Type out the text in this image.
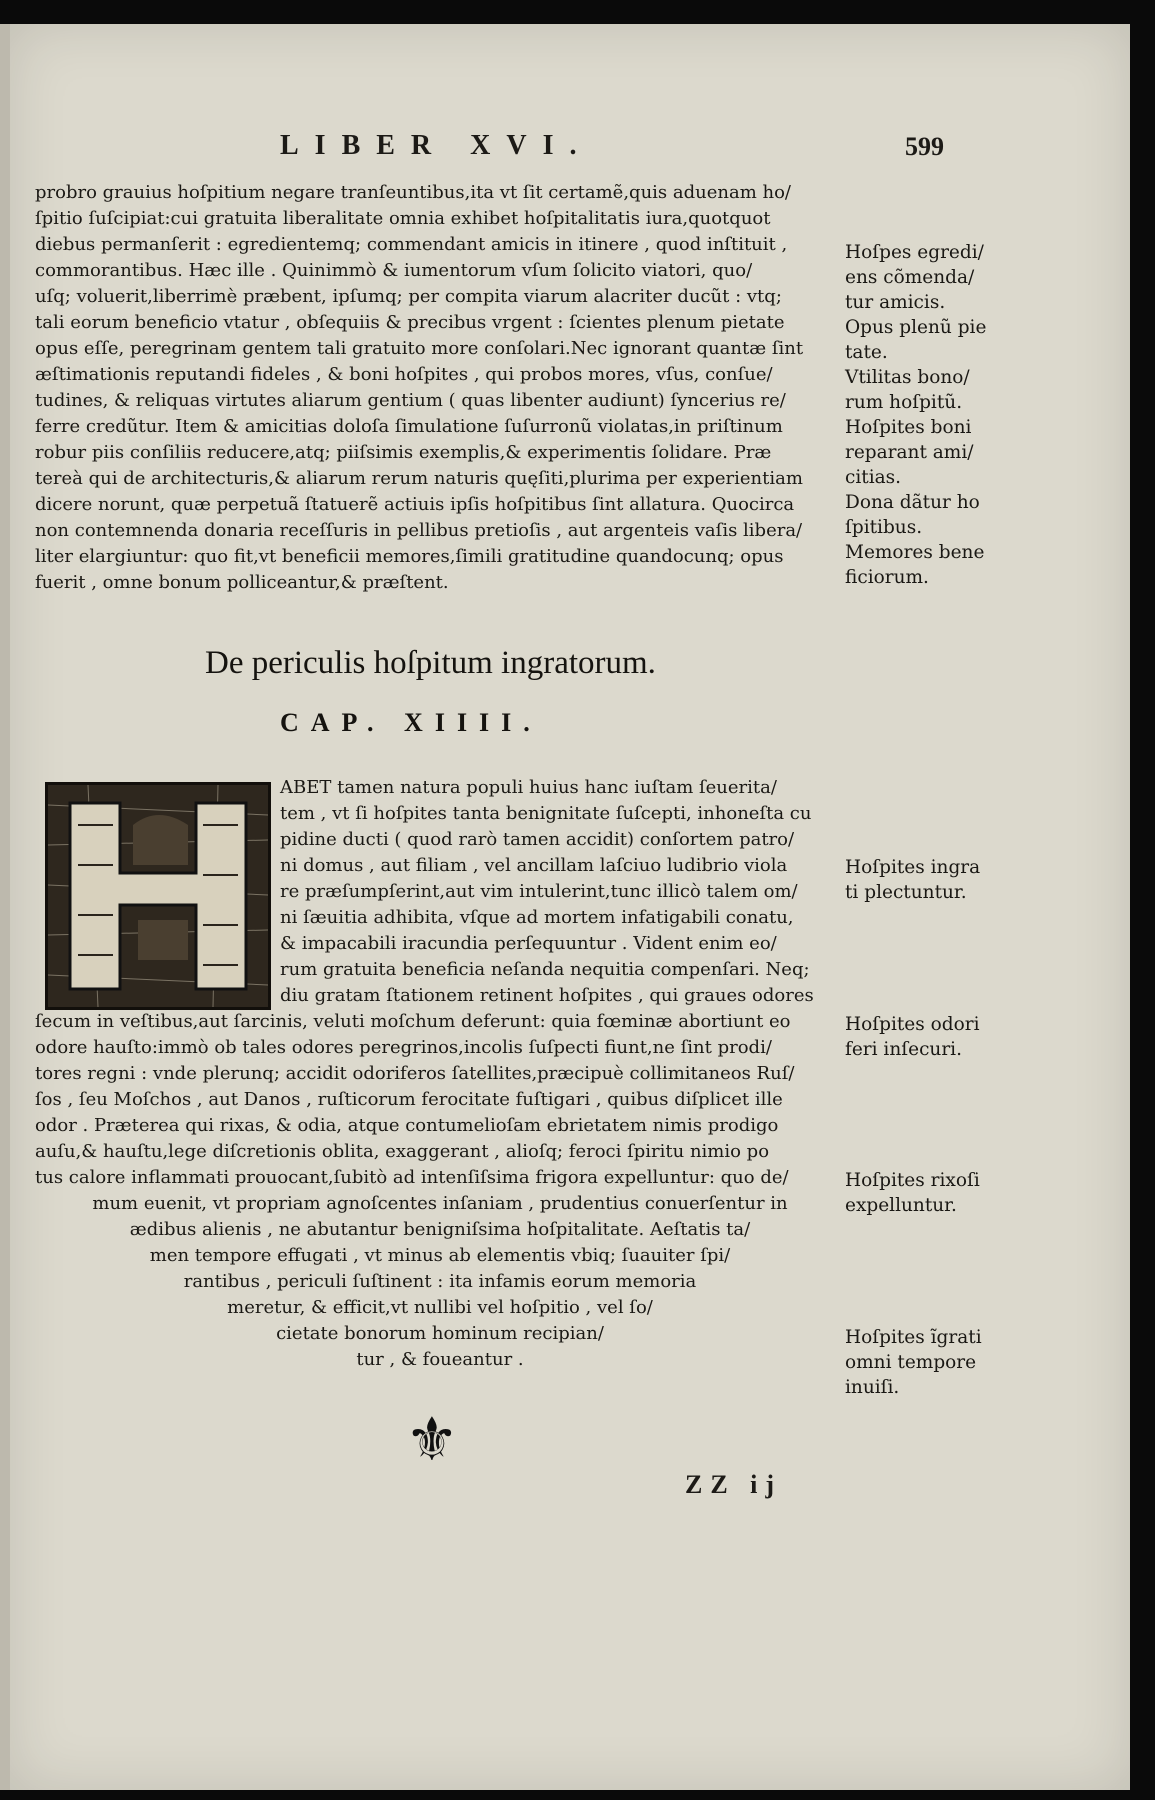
LIBER XVI.	599

probro grauius hoſpitium negare tranſeuntibus,ita vt ſit certamẽ,quis aduenam ho/

ſpitio ſuſcipiat:cui gratuita liberalitate omnia exhibet hoſpitalitatis iura,quotquot

diebus permanſerit : egredientemq; commendant amicis in itinere , quod inſtituit ,

commorantibus. Hæc ille . Quinimmò & iumentorum vſum ſolicito viatori, quo/

uſq; voluerit,liberrimè præbent, ipſumq; per compita viarum alacriter ducũt : vtq;

tali eorum beneficio vtatur , obſequiis & precibus vrgent : ſcientes plenum pietate

opus eſſe, peregrinam gentem tali gratuito more conſolari.Nec ignorant quantæ ſint

æſtimationis reputandi fideles , & boni hoſpites , qui probos mores, vſus, conſue/

tudines, & reliquas virtutes aliarum gentium ( quas libenter audiunt) ſyncerius re/

ferre credũtur. Item & amicitias doloſa ſimulatione ſuſurronũ violatas,in priſtinum

robur piis conſiliis reducere,atq; piiſsimis exemplis,& experimentis ſolidare. Præ

tereà qui de architecturis,& aliarum rerum naturis quęſiti,plurima per experientiam

dicere norunt, quæ perpetuã ſtatuerẽ actiuis ipſis hoſpitibus ſint allatura. Quocirca

non contemnenda donaria receſſuris in pellibus pretioſis , aut argenteis vaſis libera/

liter elargiuntur: quo fit,vt beneficii memores,ſimili gratitudine quandocunq; opus

fuerit , omne bonum polliceantur,& præſtent.

Hoſpes egredi/

ens cõmenda/

tur amicis.

Opus plenũ pie

tate.

Vtilitas bono/

rum hoſpitũ.

Hoſpites boni

reparant ami/

citias.

Dona dãtur ho

ſpitibus.

Memores bene

ficiorum.

De periculis hoſpitum ingratorum.
CAP. XIIII.

ABET tamen natura populi huius hanc iuſtam ſeuerita/

tem , vt ſi hoſpites tanta benignitate ſuſcepti, inhoneſta cu

pidine ducti ( quod rarò tamen accidit) conſortem patro/

ni domus , aut filiam , vel ancillam laſciuo ludibrio viola

re præſumpſerint,aut vim intulerint,tunc illicò talem om/

ni ſæuitia adhibita, vſque ad mortem infatigabili conatu,

& impacabili iracundia perſequuntur . Vident enim eo/

rum gratuita beneficia neſanda nequitia compenſari. Neq;

diu gratam ſtationem retinent hoſpites , qui graues odores

ſecum in veſtibus,aut ſarcinis, veluti moſchum deferunt: quia fœminæ abortiunt eo

odore hauſto:immò ob tales odores peregrinos,incolis ſuſpecti fiunt,ne ſint prodi/

tores regni : vnde plerunq; accidit odoriferos ſatellites,præcipuè collimitaneos Ruſ/

ſos , ſeu Moſchos , aut Danos , ruſticorum ferocitate fuſtigari , quibus diſplicet ille

odor . Præterea qui rixas, & odia, atque contumelioſam ebrietatem nimis prodigo

auſu,& hauſtu,lege diſcretionis oblita, exaggerant , alioſq; feroci ſpiritu nimio po

tus calore inflammati prouocant,ſubitò ad intenſiſsima frigora expelluntur: quo de/

mum euenit, vt propriam agnoſcentes inſaniam , prudentius conuerſentur in

ædibus alienis , ne abutantur benigniſsima hoſpitalitate. Aeſtatis ta/

men tempore effugati , vt minus ab elementis vbiq; ſuauiter ſpi/

rantibus , periculi ſuſtinent : ita infamis eorum memoria

meretur, & efficit,vt nullibi vel hoſpitio , vel ſo/

cietate bonorum hominum recipian/

tur , & foueantur .

Hoſpites ingra

ti plectuntur.

Hoſpites odori

feri inſecuri.

Hoſpites rixoſi

expelluntur.

Hoſpites ĩgrati

omni tempore

inuiſi.

⚜
ZZ ij
